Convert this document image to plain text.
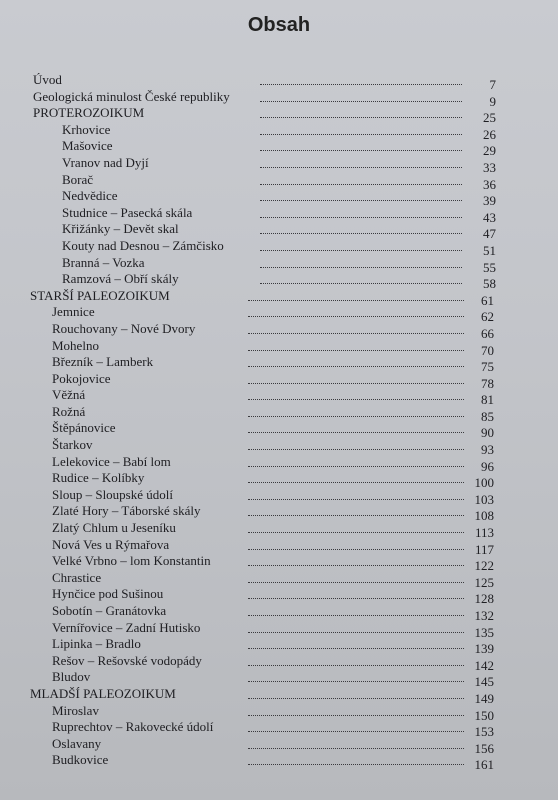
Obsah
Úvod	7
Geologická minulost České republiky	9
PROTEROZOIKUM	25
Krhovice	26
Mašovice	29
Vranov nad Dyjí	33
Borač	36
Nedvědice	39
Studnice – Pasecká skála	43
Křižánky – Devět skal	47
Kouty nad Desnou – Zámčisko	51
Branná – Vozka	55
Ramzová – Obří skály	58
STARŠÍ PALEOZOIKUM	61
Jemnice	62
Rouchovany – Nové Dvory	66
Mohelno	70
Březník – Lamberk	75
Pokojovice	78
Věžná	81
Rožná	85
Štěpánovice	90
Štarkov	93
Lelekovice – Babí lom	96
Rudice – Kolíbky	100
Sloup – Sloupské údolí	103
Zlaté Hory – Táborské skály	108
Zlatý Chlum u Jeseníku	113
Nová Ves u Rýmařova	117
Velké Vrbno – lom Konstantin	122
Chrastice	125
Hynčice pod Sušinou	128
Sobotín – Granátovka	132
Vernířovice – Zadní Hutisko	135
Lipinka – Bradlo	139
Rešov – Rešovské vodopády	142
Bludov	145
MLADŠÍ PALEOZOIKUM	149
Miroslav	150
Ruprechtov – Rakovecké údolí	153
Oslavany	156
Budkovice	161
